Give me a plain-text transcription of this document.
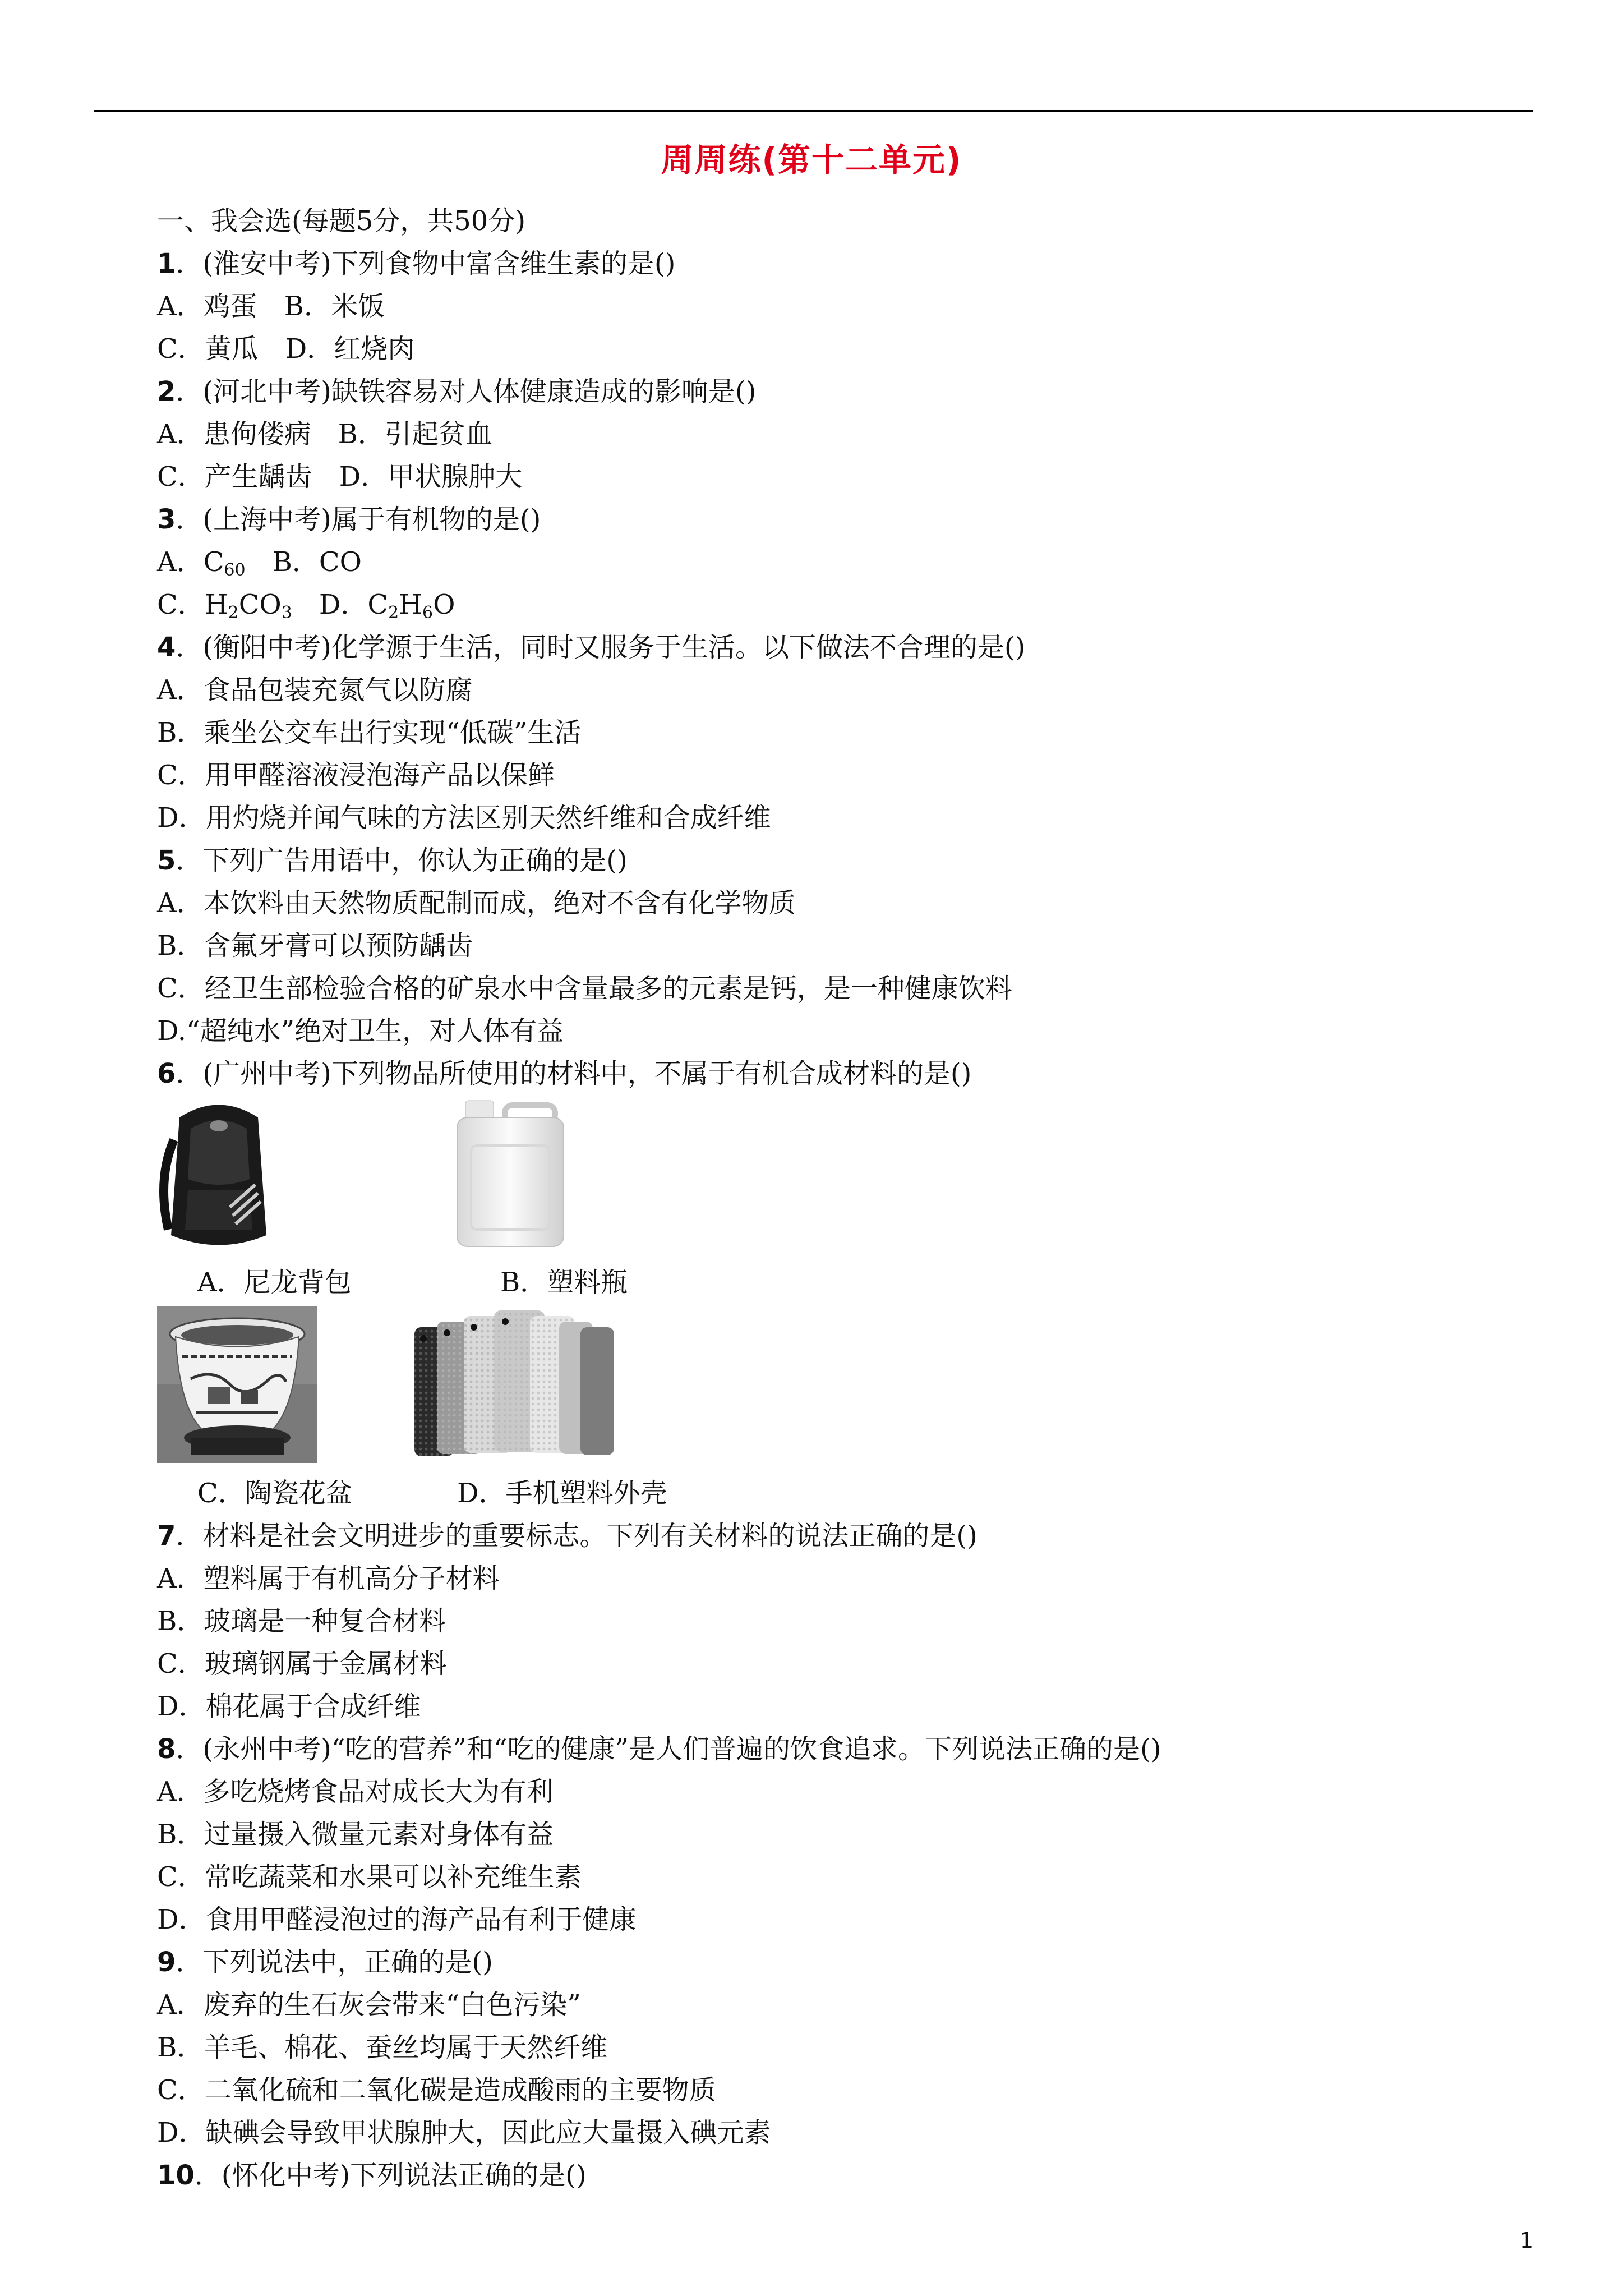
周周练(第十二单元)
一、我会选(每题5分，共50分)
1．(淮安中考)下列食物中富含维生素的是()
A．鸡蛋　B．米饭
C．黄瓜　D．红烧肉
2．(河北中考)缺铁容易对人体健康造成的影响是()
A．患佝偻病　B．引起贫血
C．产生龋齿　D．甲状腺肿大
3．(上海中考)属于有机物的是()
A．$C_{60}$　B．CO
C．$H_2CO_3$　D．$C_2H_6O$
4．(衡阳中考)化学源于生活，同时又服务于生活。以下做法不合理的是()
A．食品包装充氮气以防腐
B．乘坐公交车出行实现“低碳”生活
C．用甲醛溶液浸泡海产品以保鲜
D．用灼烧并闻气味的方法区别天然纤维和合成纤维
5．下列广告用语中，你认为正确的是()
A．本饮料由天然物质配制而成，绝对不含有化学物质
B．含氟牙膏可以预防龋齿
C．经卫生部检验合格的矿泉水中含量最多的元素是钙，是一种健康饮料
D.“超纯水”绝对卫生，对人体有益
6．(广州中考)下列物品所使用的材料中，不属于有机合成材料的是()
A．尼龙背包	B．塑料瓶
C．陶瓷花盆	D．手机塑料外壳
7．材料是社会文明进步的重要标志。下列有关材料的说法正确的是()
A．塑料属于有机高分子材料
B．玻璃是一种复合材料
C．玻璃钢属于金属材料
D．棉花属于合成纤维
8．(永州中考)“吃的营养”和“吃的健康”是人们普遍的饮食追求。下列说法正确的是()
A．多吃烧烤食品对成长大为有利
B．过量摄入微量元素对身体有益
C．常吃蔬菜和水果可以补充维生素
D．食用甲醛浸泡过的海产品有利于健康
9．下列说法中，正确的是()
A．废弃的生石灰会带来“白色污染”
B．羊毛、棉花、蚕丝均属于天然纤维
C．二氧化硫和二氧化碳是造成酸雨的主要物质
D．缺碘会导致甲状腺肿大，因此应大量摄入碘元素
10．(怀化中考)下列说法正确的是()
1
